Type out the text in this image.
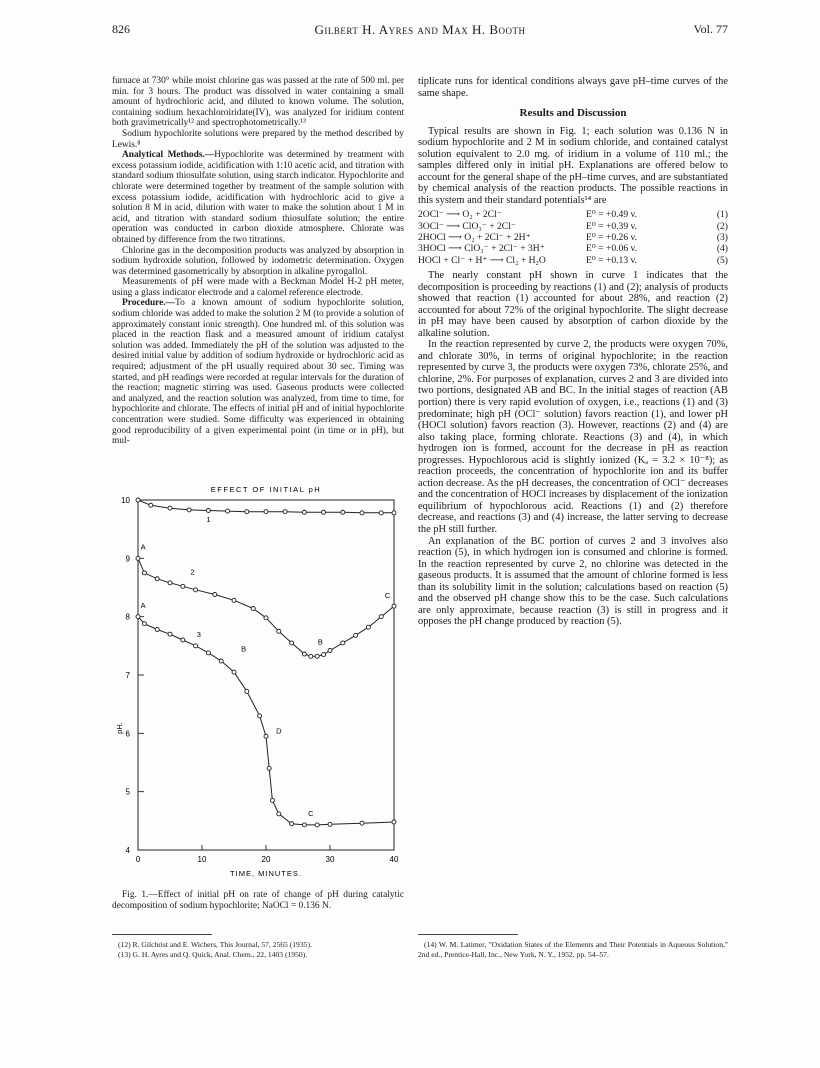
826	Gilbert H. Ayres and Max H. Booth	Vol. 77

furnace at 730° while moist chlorine gas was passed at the rate of 500 ml. per min. for 3 hours. The product was dissolved in water containing a small amount of hydrochloric acid, and diluted to known volume. The solution, containing sodium hexachloroiridate(IV), was analyzed for iridium content both gravimetrically¹² and spectrophotometrically.¹³

Sodium hypochlorite solutions were prepared by the method described by Lewis.⁸

Analytical Methods.—Hypochlorite was determined by treatment with excess potassium iodide, acidification with 1:10 acetic acid, and titration with standard sodium thiosulfate solution, using starch indicator. Hypochlorite and chlorate were determined together by treatment of the sample solution with excess potassium iodide, acidification with hydrochloric acid to give a solution 8 M in acid, dilution with water to make the solution about 1 M in acid, and titration with standard sodium thiosulfate solution; the entire operation was conducted in carbon dioxide atmosphere. Chlorate was obtained by difference from the two titrations.

Chlorine gas in the decomposition products was analyzed by absorption in sodium hydroxide solution, followed by iodometric determination. Oxygen was determined gasometrically by absorption in alkaline pyrogallol.

Measurements of pH were made with a Beckman Model H-2 pH meter, using a glass indicator electrode and a calomel reference electrode.

Procedure.—To a known amount of sodium hypochlorite solution, sodium chloride was added to make the solution 2 M (to provide a solution of approximately constant ionic strength). One hundred ml. of this solution was placed in the reaction flask and a measured amount of iridium catalyst solution was added. Immediately the pH of the solution was adjusted to the desired initial value by addition of sodium hydroxide or hydrochloric acid as required; adjustment of the pH usually required about 30 sec. Timing was started, and pH readings were recorded at regular intervals for the duration of the reaction; magnetic stirring was used. Gaseous products were collected and analyzed, and the reaction solution was analyzed, from time to time, for hypochlorite and chlorate. The effects of initial pH and of initial hypochlorite concentration were studied. Some difficulty was experienced in obtaining good reproducibility of a given experimental point (in time or in pH), but mul-

tiplicate runs for identical conditions always gave pH–time curves of the same shape.

Results and Discussion

Typical results are shown in Fig. 1; each solution was 0.136 N in sodium hypochlorite and 2 M in sodium chloride, and contained catalyst solution equivalent to 2.0 mg. of iridium in a volume of 110 ml.; the samples differed only in initial pH. Explanations are offered below to account for the general shape of the pH–time curves, and are substantiated by chemical analysis of the reaction products. The possible reactions in this system and their standard potentials¹⁴ are

2OCl⁻ ⟶ O₂ + 2Cl⁻	E⁰ = +0.49 v.	(1)
3OCl⁻ ⟶ ClO₃⁻ + 2Cl⁻	E⁰ = +0.39 v.	(2)
2HOCl ⟶ O₂ + 2Cl⁻ + 2H⁺	E⁰ = +0.26 v.	(3)
3HOCl ⟶ ClO₃⁻ + 2Cl⁻ + 3H⁺	E⁰ = +0.06 v.	(4)
HOCl + Cl⁻ + H⁺ ⟶ Cl₂ + H₂O	E⁰ = +0.13 v.	(5)

The nearly constant pH shown in curve 1 indicates that the decomposition is proceeding by reactions (1) and (2); analysis of products showed that reaction (1) accounted for about 28%, and reaction (2) accounted for about 72% of the original hypochlorite. The slight decrease in pH may have been caused by absorption of carbon dioxide by the alkaline solution.

In the reaction represented by curve 2, the products were oxygen 70%, and chlorate 30%, in terms of original hypochlorite; in the reaction represented by curve 3, the products were oxygen 73%, chlorate 25%, and chlorine, 2%. For purposes of explanation, curves 2 and 3 are divided into two portions, designated AB and BC. In the initial stages of reaction (AB portion) there is very rapid evolution of oxygen, i.e., reactions (1) and (3) predominate; high pH (OCl⁻ solution) favors reaction (1), and lower pH (HOCl solution) favors reaction (3). However, reactions (2) and (4) are also taking place, forming chlorate. Reactions (3) and (4), in which hydrogen ion is formed, account for the decrease in pH as reaction progresses. Hypochlorous acid is slightly ionized (Kₐ = 3.2 × 10⁻⁸); as reaction proceeds, the concentration of hypochlorite ion and its buffer action decrease. As the pH decreases, the concentration of OCl⁻ decreases and the concentration of HOCl increases by displacement of the ionization equilibrium of hypochlorous acid. Reactions (1) and (2) therefore decrease, and reactions (3) and (4) increase, the latter serving to decrease the pH still further.

An explanation of the BC portion of curves 2 and 3 involves also reaction (5), in which hydrogen ion is consumed and chlorine is formed. In the reaction represented by curve 2, no chlorine was detected in the gaseous products. It is assumed that the amount of chlorine formed is less than its solubility limit in the solution; calculations based on reaction (5) and the observed pH change show this to be the case. Such calculations are only approximate, because reaction (3) is still in progress and it opposes the pH change produced by reaction (5).

EFFECT OF INITIAL pH
TIME, MINUTES.
pH.
0	10	20	30	40
4
5
6
7
8
9
10
1
A
2
A
3
B
B
C
D
C

Fig. 1.—Effect of initial pH on rate of change of pH during catalytic decomposition of sodium hypochlorite; NaOCl = 0.136 N.

(12) R. Gilchrist and E. Wichers, This Journal, 57, 2565 (1935).

(13) G. H. Ayres and Q. Quick, Anal. Chem., 22, 1403 (1950).

(14) W. M. Latimer, "Oxidation States of the Elements and Their Potentials in Aqueous Solution," 2nd ed., Prentice-Hall, Inc., New York, N. Y., 1952, pp. 54–57.
